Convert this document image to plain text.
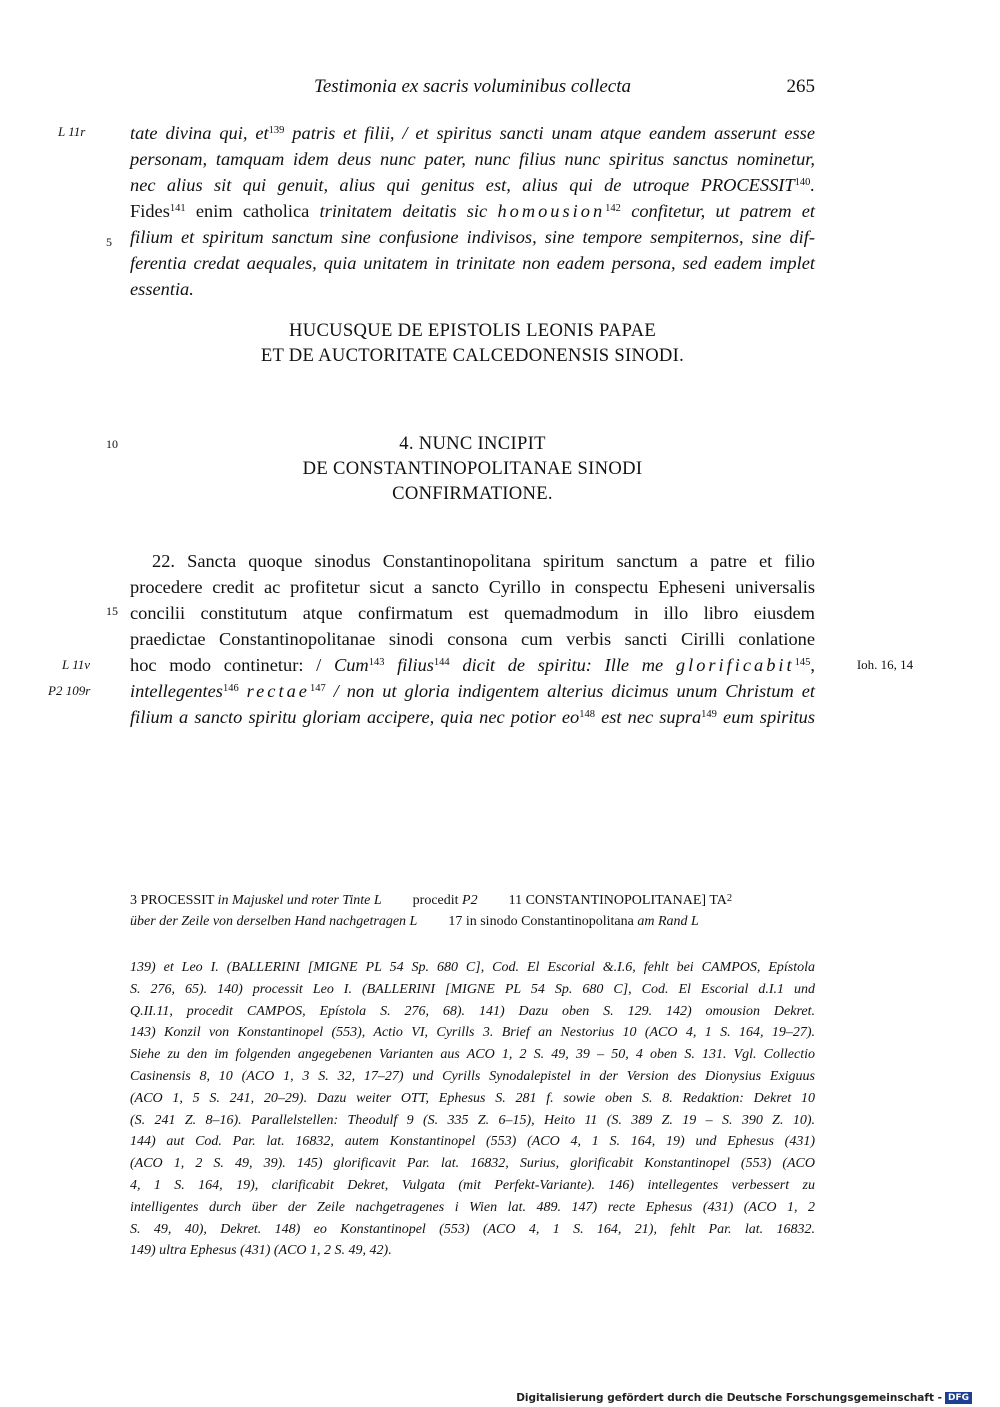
Testimonia ex sacris voluminibus collecta	265
L 11r
5
10
15
L 11v
P2 109r
Ioh. 16, 14
tate divina qui, $et^{139}$ patris et filii, / et spiritus sancti unam atque eandem asserunt esse
personam, tamquam idem deus nunc pater, nunc filius nunc spiritus sanctus nominetur,
nec alius sit qui genuit, alius qui genitus est, alius qui de utroque PROCESSIT$^{140}$.
Fides$^{141}$ enim catholica trinitatem deitatis sic homousion$^{142}$ confitetur, ut patrem et
filium et spiritum sanctum sine confusione indivisos, sine tempore sempiternos, sine dif-
ferentia credat aequales, quia unitatem in trinitate non eadem persona, sed eadem implet
essentia.
HUCUSQUE DE EPISTOLIS LEONIS PAPAE
ET DE AUCTORITATE CALCEDONENSIS SINODI.
4. NUNC INCIPIT
DE CONSTANTINOPOLITANAE SINODI
CONFIRMATIONE.
22. Sancta quoque sinodus Constantinopolitana spiritum sanctum a patre et filio
procedere credit ac profitetur sicut a sancto Cyrillo in conspectu Epheseni universalis
concilii constitutum atque confirmatum est quemadmodum in illo libro eiusdem
praedictae Constantinopolitanae sinodi consona cum verbis sancti Cirilli conlatione
hoc modo continetur: / Cum$^{143}$ filius$^{144}$ dicit de spiritu: Ille me glorificabit$^{145}$,
intellegentes$^{146}$ rectae$^{147}$ / non ut gloria indigentem alterius dicimus unum Christum et
filium a sancto spiritu gloriam accipere, quia nec potior $eo^{148}$ est nec supra$^{149}$ eum spiritus
3 PROCESSIT in Majuskel und roter Tinte L procedit P2 11 CONSTANTINOPOLITANAE] $TA^2$
über der Zeile von derselben Hand nachgetragen L 17 in sinodo Constantinopolitana am Rand L
139) et Leo I. (BALLERINI [MIGNE PL 54 Sp. 680 C], Cod. El Escorial &.I.6, fehlt bei CAMPOS, Epístola
S. 276, 65). 140) processit Leo I. (BALLERINI [MIGNE PL 54 Sp. 680 C], Cod. El Escorial d.I.1 und
Q.II.11, procedit CAMPOS, Epístola S. 276, 68). 141) Dazu oben S. 129. 142) omousion Dekret.
143) Konzil von Konstantinopel (553), Actio VI, Cyrills 3. Brief an Nestorius 10 (ACO 4, 1 S. 164, 19–27).
Siehe zu den im folgenden angegebenen Varianten aus ACO 1, 2 S. 49, 39 – 50, 4 oben S. 131. Vgl. Collectio
Casinensis 8, 10 (ACO 1, 3 S. 32, 17–27) und Cyrills Synodalepistel in der Version des Dionysius Exiguus
(ACO 1, 5 S. 241, 20–29). Dazu weiter OTT, Ephesus S. 281 f. sowie oben S. 8. Redaktion: Dekret 10
(S. 241 Z. 8–16). Parallelstellen: Theodulf 9 (S. 335 Z. 6–15), Heito 11 (S. 389 Z. 19 – S. 390 Z. 10).
144) aut Cod. Par. lat. 16832, autem Konstantinopel (553) (ACO 4, 1 S. 164, 19) und Ephesus (431)
(ACO 1, 2 S. 49, 39). 145) glorificavit Par. lat. 16832, Surius, glorificabit Konstantinopel (553) (ACO
4, 1 S. 164, 19), clarificabit Dekret, Vulgata (mit Perfekt-Variante). 146) intellegentes verbessert zu
intelligentes durch über der Zeile nachgetragenes i Wien lat. 489. 147) recte Ephesus (431) (ACO 1, 2
S. 49, 40), Dekret. 148) eo Konstantinopel (553) (ACO 4, 1 S. 164, 21), fehlt Par. lat. 16832.
149) ultra Ephesus (431) (ACO 1, 2 S. 49, 42).
Digitalisierung gefördert durch die Deutsche Forschungsgemeinschaft - DFG
